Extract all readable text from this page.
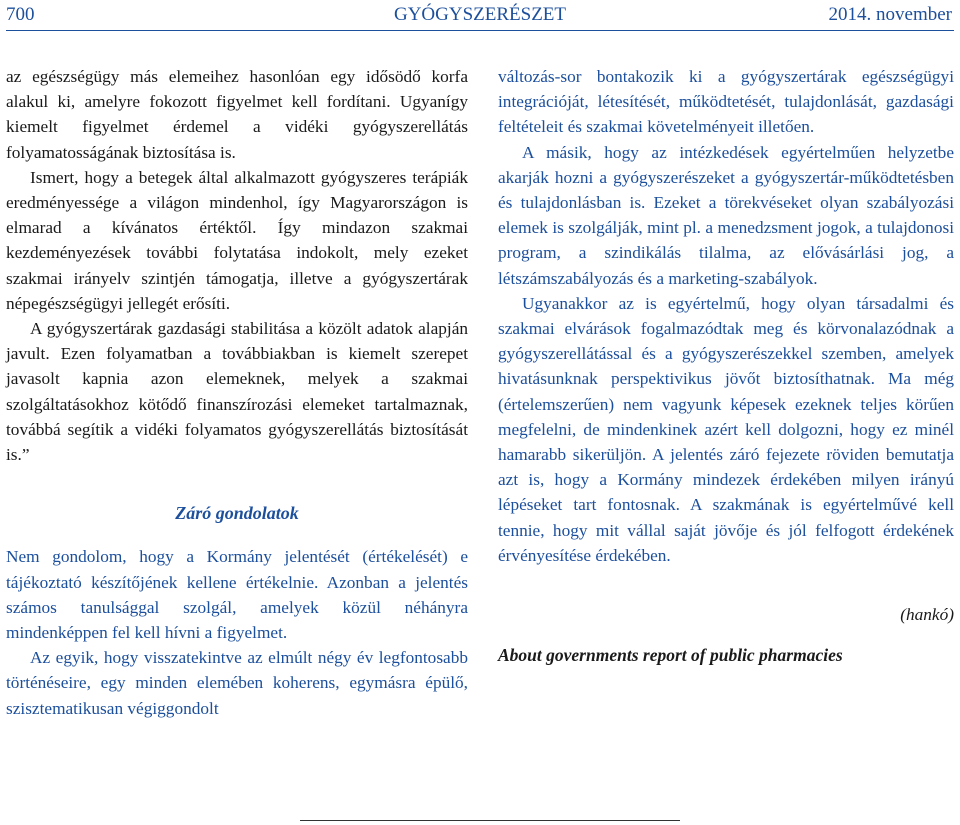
700	GYÓGYSZERÉSZET	2014. november

az egészségügy más elemeihez hasonlóan egy idősödő korfa alakul ki, amelyre fokozott figyelmet kell fordítani. Ugyanígy kiemelt figyelmet érdemel a vidéki gyógyszerellátás folyamatosságának biztosítása is.

Ismert, hogy a betegek által alkalmazott gyógyszeres terápiák eredményessége a világon mindenhol, így Magyarországon is elmarad a kívánatos értéktől. Így mindazon szakmai kezdeményezések további folytatása indokolt, mely ezeket szakmai irányelv szintjén támogatja, illetve a gyógyszertárak népegészségügyi jellegét erősíti.

A gyógyszertárak gazdasági stabilitása a közölt adatok alapján javult. Ezen folyamatban a továbbiakban is kiemelt szerepet javasolt kapnia azon elemeknek, melyek a szakmai szolgáltatásokhoz kötődő finanszírozási elemeket tartalmaznak, továbbá segítik a vidéki folyamatos gyógyszerellátás biztosítását is.”

Záró gondolatok

Nem gondolom, hogy a Kormány jelentését (értékelését) e tájékoztató készítőjének kellene értékelnie. Azonban a jelentés számos tanulsággal szolgál, amelyek közül néhányra mindenképpen fel kell hívni a figyelmet.

Az egyik, hogy visszatekintve az elmúlt négy év legfontosabb történéseire, egy minden elemében koherens, egymásra épülő, szisztematikusan végiggondolt

változás-sor bontakozik ki a gyógyszertárak egészségügyi integrációját, létesítését, működtetését, tulajdonlását, gazdasági feltételeit és szakmai követelményeit illetően.

A másik, hogy az intézkedések egyértelműen helyzetbe akarják hozni a gyógyszerészeket a gyógyszertár-működtetésben és tulajdonlásban is. Ezeket a törekvéseket olyan szabályozási elemek is szolgálják, mint pl. a menedzsment jogok, a tulajdonosi program, a szindikálás tilalma, az elővásárlási jog, a létszámszabályozás és a marketing-szabályok.

Ugyanakkor az is egyértelmű, hogy olyan társadalmi és szakmai elvárások fogalmazódtak meg és körvonalazódnak a gyógyszerellátással és a gyógyszerészekkel szemben, amelyek hivatásunknak perspektivikus jövőt biztosíthatnak. Ma még (értelemszerűen) nem vagyunk képesek ezeknek teljes körűen megfelelni, de mindenkinek azért kell dolgozni, hogy ez minél hamarabb sikerüljön. A jelentés záró fejezete röviden bemutatja azt is, hogy a Kormány mindezek érdekében milyen irányú lépéseket tart fontosnak. A szakmának is egyértelművé kell tennie, hogy mit vállal saját jövője és jól felfogott érdekének érvényesítése érdekében.

(hankó)

About governments report of public pharmacies
